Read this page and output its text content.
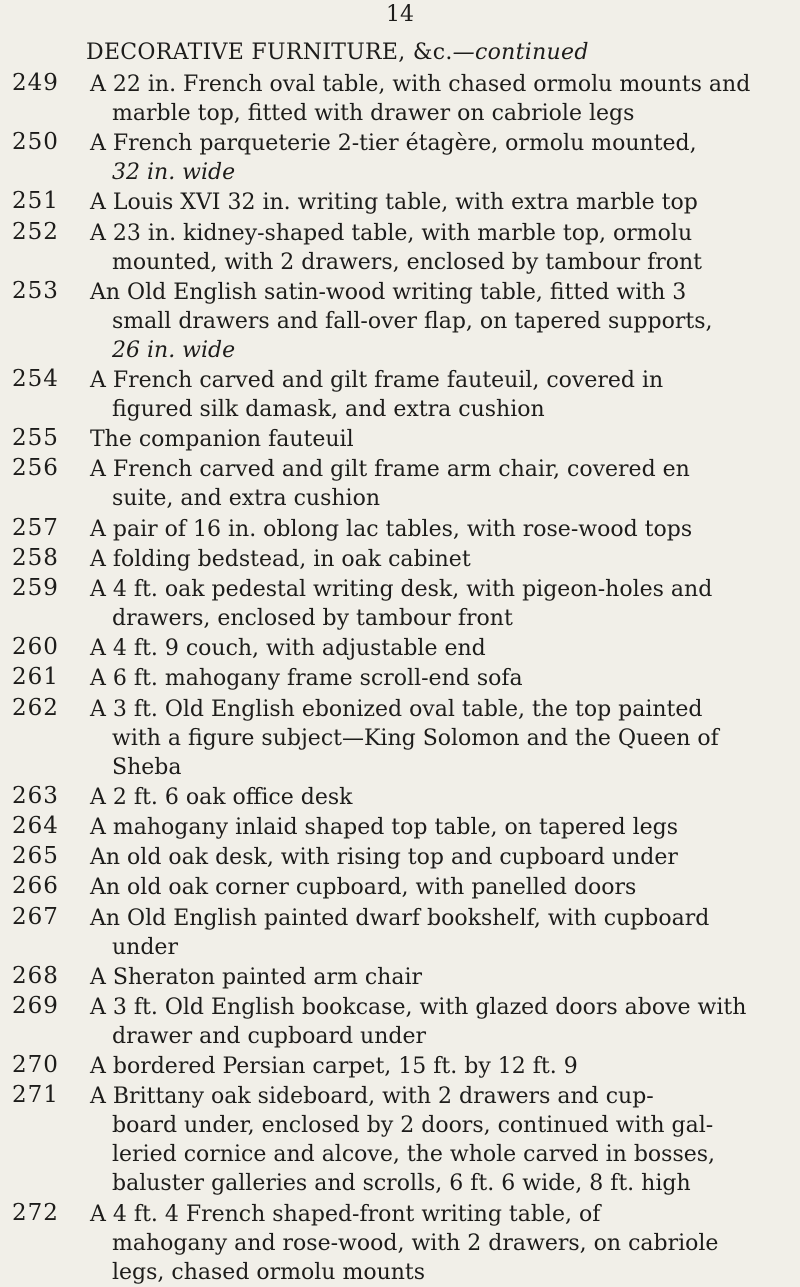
14
DECORATIVE FURNITURE, &c.—continued
249	A 22 in. French oval table, with chased ormolu mounts and
marble top, fitted with drawer on cabriole legs
250	A French parqueterie 2-tier étagère, ormolu mounted,
32 in. wide
251	A Louis XVI 32 in. writing table, with extra marble top
252	A 23 in. kidney-shaped table, with marble top, ormolu
mounted, with 2 drawers, enclosed by tambour front
253	An Old English satin-wood writing table, fitted with 3
small drawers and fall-over flap, on tapered supports,
26 in. wide
254	A French carved and gilt frame fauteuil, covered in
figured silk damask, and extra cushion
255	The companion fauteuil
256	A French carved and gilt frame arm chair, covered en
suite, and extra cushion
257	A pair of 16 in. oblong lac tables, with rose-wood tops
258	A folding bedstead, in oak cabinet
259	A 4 ft. oak pedestal writing desk, with pigeon-holes and
drawers, enclosed by tambour front
260	A 4 ft. 9 couch, with adjustable end
261	A 6 ft. mahogany frame scroll-end sofa
262	A 3 ft. Old English ebonized oval table, the top painted
with a figure subject—King Solomon and the Queen of
Sheba
263	A 2 ft. 6 oak office desk
264	A mahogany inlaid shaped top table, on tapered legs
265	An old oak desk, with rising top and cupboard under
266	An old oak corner cupboard, with panelled doors
267	An Old English painted dwarf bookshelf, with cupboard
under
268	A Sheraton painted arm chair
269	A 3 ft. Old English bookcase, with glazed doors above with
drawer and cupboard under
270	A bordered Persian carpet, 15 ft. by 12 ft. 9
271	A Brittany oak sideboard, with 2 drawers and cup-
board under, enclosed by 2 doors, continued with gal-
leried cornice and alcove, the whole carved in bosses,
baluster galleries and scrolls, 6 ft. 6 wide, 8 ft. high
272	A 4 ft. 4 French shaped-front writing table, of
mahogany and rose-wood, with 2 drawers, on cabriole
legs, chased ormolu mounts
